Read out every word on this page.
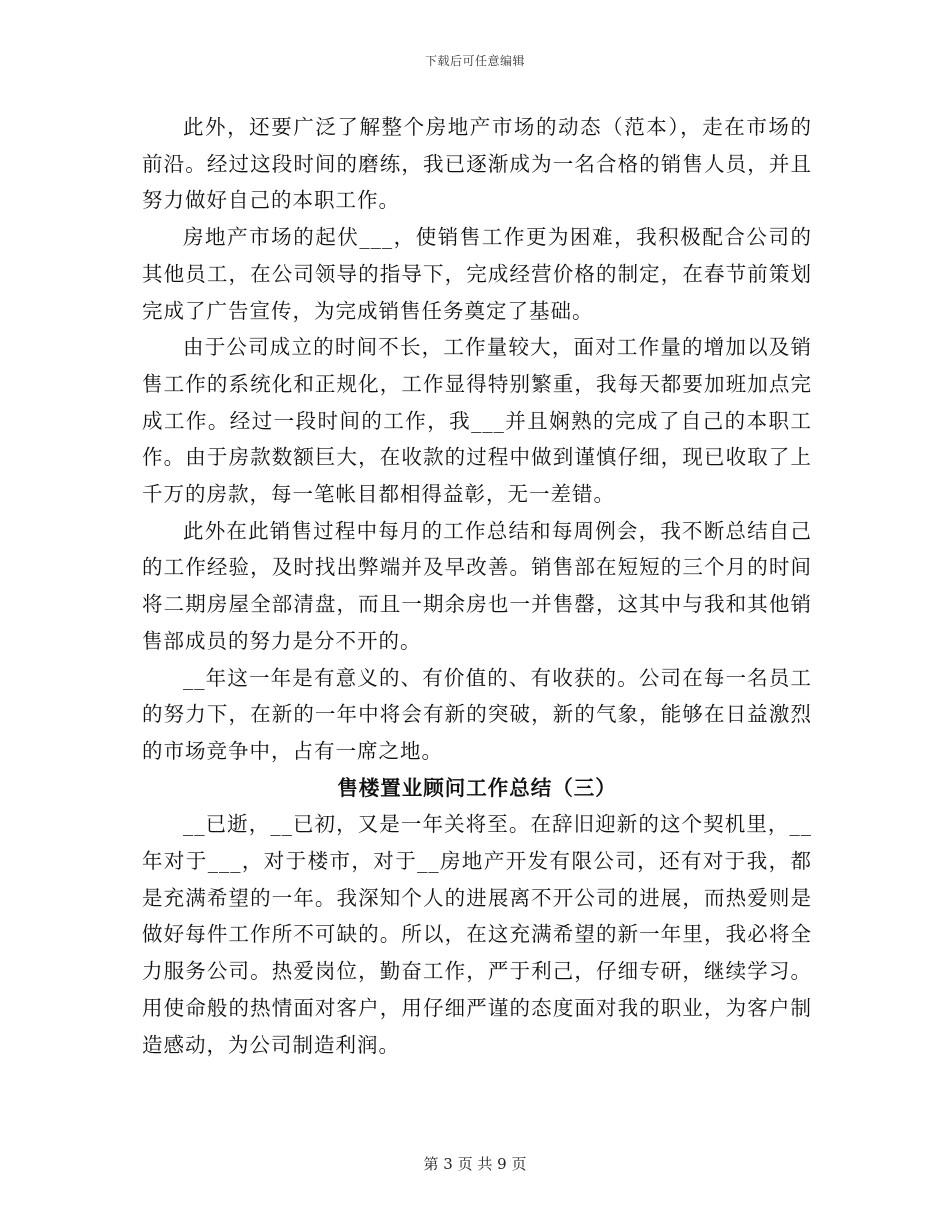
下载后可任意编辑

此外，还要广泛了解整个房地产市场的动态（范本），走在市场的前沿。经过这段时间的磨练，我已逐渐成为一名合格的销售人员，并且努力做好自己的本职工作。

房地产市场的起伏___，使销售工作更为困难，我积极配合公司的其他员工，在公司领导的指导下，完成经营价格的制定，在春节前策划完成了广告宣传，为完成销售任务奠定了基础。

由于公司成立的时间不长，工作量较大，面对工作量的增加以及销售工作的系统化和正规化，工作显得特别繁重，我每天都要加班加点完成工作。经过一段时间的工作，我___并且娴熟的完成了自己的本职工作。由于房款数额巨大，在收款的过程中做到谨慎仔细，现已收取了上千万的房款，每一笔帐目都相得益彰，无一差错。

此外在此销售过程中每月的工作总结和每周例会，我不断总结自己的工作经验，及时找出弊端并及早改善。销售部在短短的三个月的时间将二期房屋全部清盘，而且一期余房也一并售罄，这其中与我和其他销售部成员的努力是分不开的。

__年这一年是有意义的、有价值的、有收获的。公司在每一名员工的努力下，在新的一年中将会有新的突破，新的气象，能够在日益激烈的市场竞争中，占有一席之地。

售楼置业顾问工作总结（三）

__已逝，__已初，又是一年关将至。在辞旧迎新的这个契机里，__年对于___，对于楼市，对于__房地产开发有限公司，还有对于我，都是充满希望的一年。我深知个人的进展离不开公司的进展，而热爱则是做好每件工作所不可缺的。所以，在这充满希望的新一年里，我必将全力服务公司。热爱岗位，勤奋工作，严于利己，仔细专研，继续学习。用使命般的热情面对客户，用仔细严谨的态度面对我的职业，为客户制造感动，为公司制造利润。

第 3 页 共 9 页
